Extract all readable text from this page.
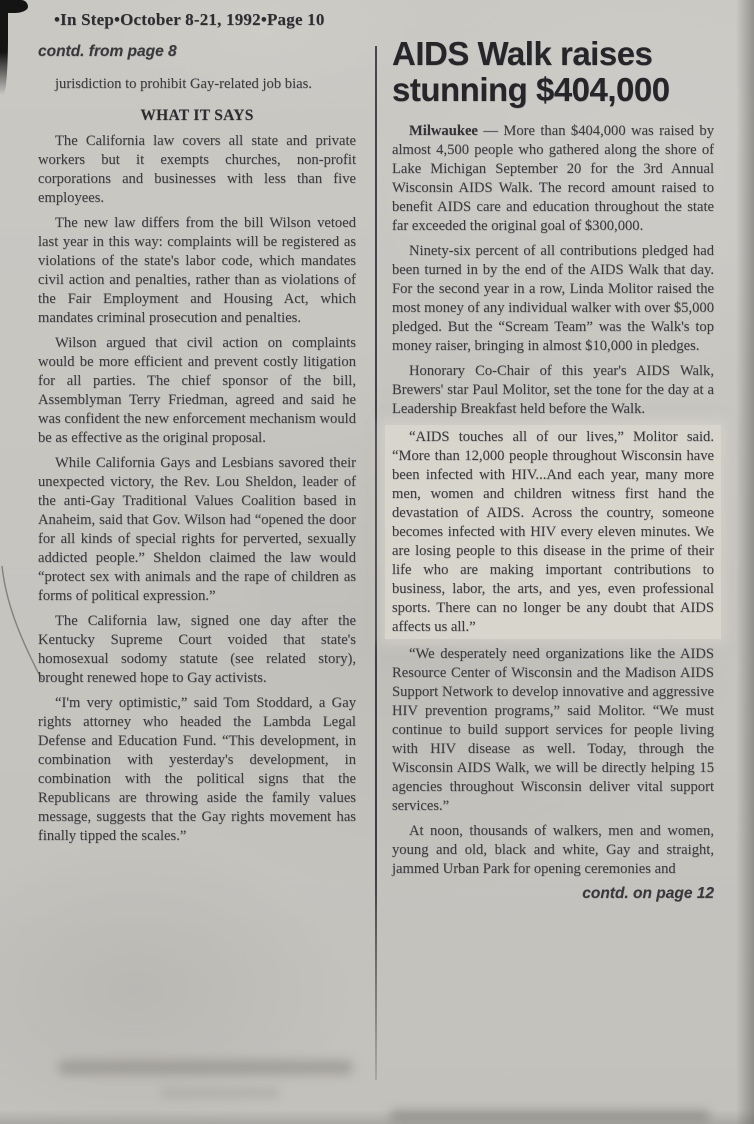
•In Step•October 8-21, 1992•Page 10
contd. from page 8

jurisdiction to prohibit Gay-related job bias.

WHAT IT SAYS

The California law covers all state and private workers but it exempts churches, non-profit corporations and businesses with less than five employees.

The new law differs from the bill Wilson vetoed last year in this way: complaints will be registered as violations of the state's labor code, which mandates civil action and penalties, rather than as violations of the Fair Employment and Housing Act, which mandates criminal prosecution and penalties.

Wilson argued that civil action on complaints would be more efficient and prevent costly litigation for all parties. The chief sponsor of the bill, Assemblyman Terry Friedman, agreed and said he was confident the new enforcement mechanism would be as effective as the original proposal.

While California Gays and Lesbians savored their unexpected victory, the Rev. Lou Sheldon, leader of the anti-Gay Traditional Values Coalition based in Anaheim, said that Gov. Wilson had “opened the door for all kinds of special rights for perverted, sexually addicted people.” Sheldon claimed the law would “protect sex with animals and the rape of children as forms of political expression.”

The California law, signed one day after the Kentucky Supreme Court voided that state's homosexual sodomy statute (see related story), brought renewed hope to Gay activists.

“I'm very optimistic,” said Tom Stoddard, a Gay rights attorney who headed the Lambda Legal Defense and Education Fund. “This development, in combination with yesterday's development, in combination with the political signs that the Republicans are throwing aside the family values message, suggests that the Gay rights movement has finally tipped the scales.”

AIDS Walk raises
stunning $404,000

Milwaukee — More than $404,000 was raised by almost 4,500 people who gathered along the shore of Lake Michigan September 20 for the 3rd Annual Wisconsin AIDS Walk. The record amount raised to benefit AIDS care and education throughout the state far exceeded the original goal of $300,000.

Ninety-six percent of all contributions pledged had been turned in by the end of the AIDS Walk that day. For the second year in a row, Linda Molitor raised the most money of any individual walker with over $5,000 pledged. But the “Scream Team” was the Walk's top money raiser, bringing in almost $10,000 in pledges.

Honorary Co-Chair of this year's AIDS Walk, Brewers' star Paul Molitor, set the tone for the day at a Leadership Breakfast held before the Walk.

“AIDS touches all of our lives,” Molitor said. “More than 12,000 people throughout Wisconsin have been infected with HIV...And each year, many more men, women and children witness first hand the devastation of AIDS. Across the country, someone becomes infected with HIV every eleven minutes. We are losing people to this disease in the prime of their life who are making important contributions to business, labor, the arts, and yes, even professional sports. There can no longer be any doubt that AIDS affects us all.”

“We desperately need organizations like the AIDS Resource Center of Wisconsin and the Madison AIDS Support Network to develop innovative and aggressive HIV prevention programs,” said Molitor. “We must continue to build support services for people living with HIV disease as well. Today, through the Wisconsin AIDS Walk, we will be directly helping 15 agencies throughout Wisconsin deliver vital support services.”

At noon, thousands of walkers, men and women, young and old, black and white, Gay and straight, jammed Urban Park for opening ceremonies and

contd. on page 12
